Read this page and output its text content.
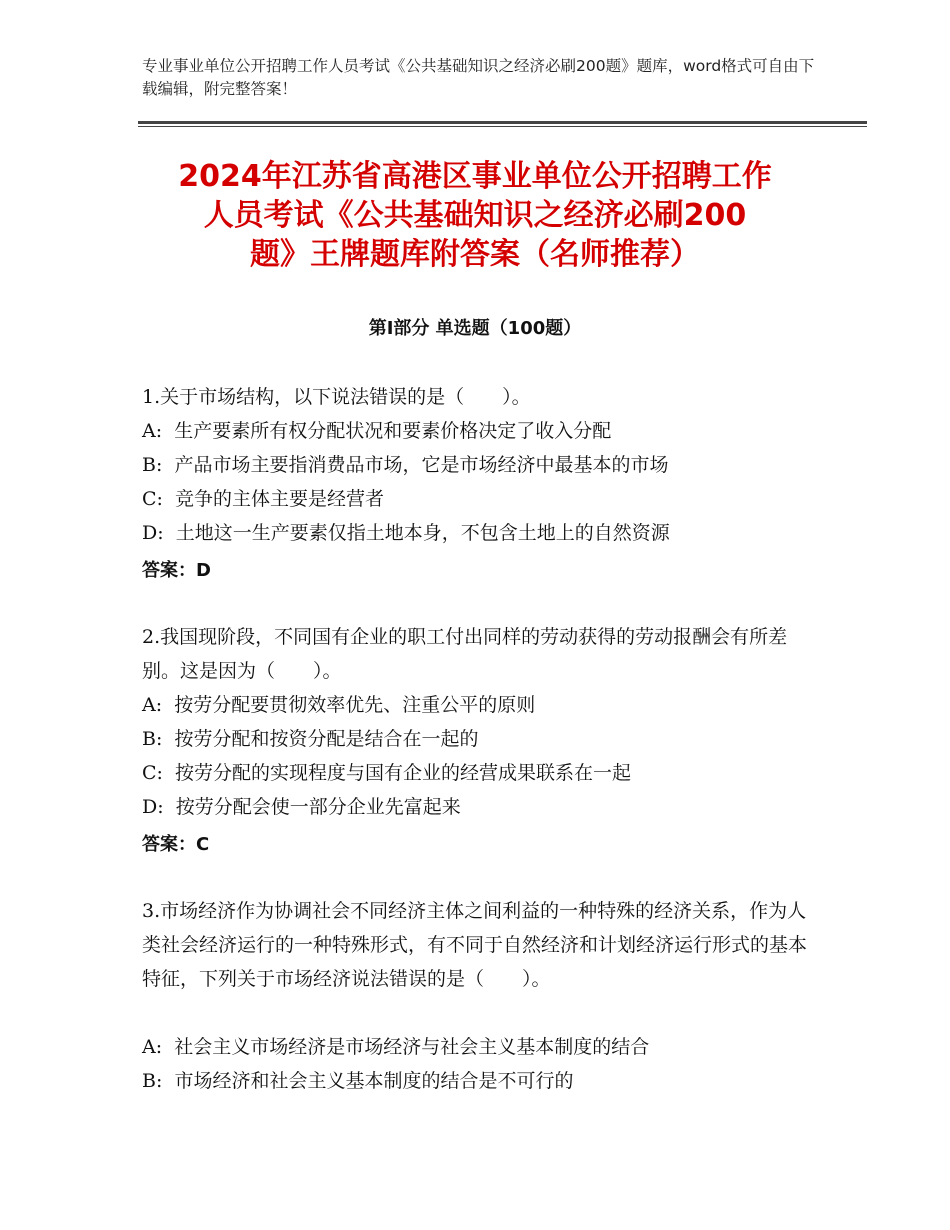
专业事业单位公开招聘工作人员考试《公共基础知识之经济必刷200题》题库，word格式可自由下载编辑，附完整答案！
2024年江苏省高港区事业单位公开招聘工作
人员考试《公共基础知识之经济必刷200
题》王牌题库附答案（名师推荐）
第Ⅰ部分 单选题（100题）
1.关于市场结构，以下说法错误的是（　　）。
A:  生产要素所有权分配状况和要素价格决定了收入分配
B:  产品市场主要指消费品市场，它是市场经济中最基本的市场
C:  竞争的主体主要是经营者
D:  土地这一生产要素仅指土地本身，不包含土地上的自然资源
答案：D
2.我国现阶段，不同国有企业的职工付出同样的劳动获得的劳动报酬会有所差别。这是因为（　　）。
A:  按劳分配要贯彻效率优先、注重公平的原则
B:  按劳分配和按资分配是结合在一起的
C:  按劳分配的实现程度与国有企业的经营成果联系在一起
D:  按劳分配会使一部分企业先富起来
答案：C
3.市场经济作为协调社会不同经济主体之间利益的一种特殊的经济关系，作为人类社会经济运行的一种特殊形式，有不同于自然经济和计划经济运行形式的基本特征，下列关于市场经济说法错误的是（　　）。
A:  社会主义市场经济是市场经济与社会主义基本制度的结合
B:  市场经济和社会主义基本制度的结合是不可行的
